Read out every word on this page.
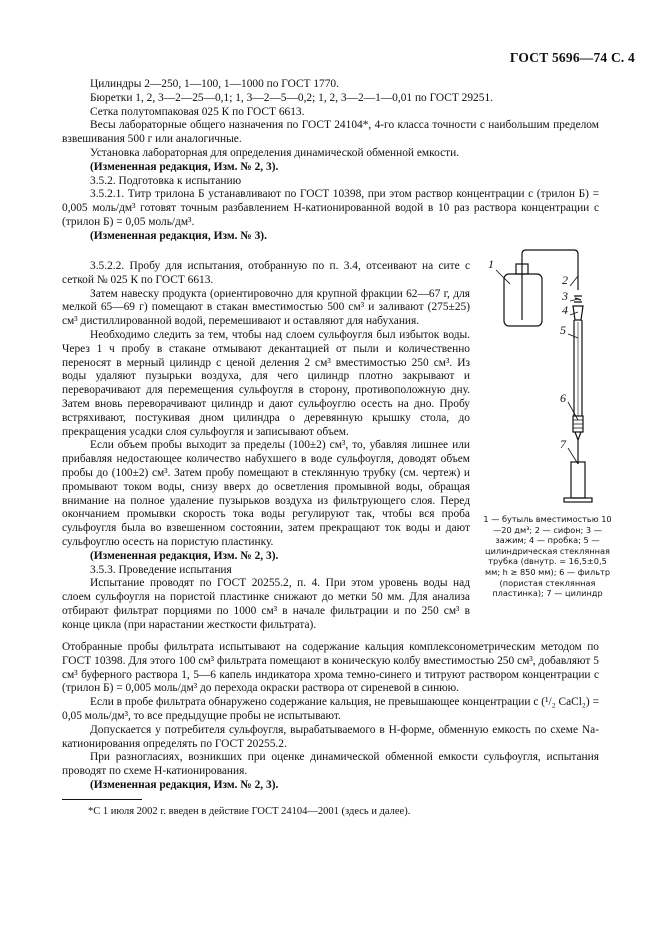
ГОСТ 5696—74 С. 4

Цилиндры 2—250, 1—100, 1—1000 по ГОСТ 1770.

Бюретки 1, 2, 3—2—25—0,1; 1, 3—2—5—0,2; 1, 2, 3—2—1—0,01 по ГОСТ 29251.

Сетка полутомпаковая 025 К по ГОСТ 6613.

Весы лабораторные общего назначения по ГОСТ 24104*, 4-го класса точности с наибольшим пределом взвешивания 500 г или аналогичные.

Установка лабораторная для определения динамической обменной емкости.

(Измененная редакция, Изм. № 2, 3).

3.5.2. Подготовка к испытанию

3.5.2.1. Титр трилона Б устанавливают по ГОСТ 10398, при этом раствор концентрации с (трилон Б) = 0,005 моль/дм³ готовят точным разбавлением Н-катионированной водой в 10 раз раствора концентрации с (трилон Б) = 0,05 моль/дм³.

(Измененная редакция, Изм. № 3).

3.5.2.2. Пробу для испытания, отобранную по п. 3.4, отсеивают на сите с сеткой № 025 К по ГОСТ 6613.

Затем навеску продукта (ориентировочно для крупной фракции 62—67 г, для мелкой 65—69 г) помещают в стакан вместимостью 500 см³ и заливают (275±25) см³ дистиллированной водой, перемешивают и оставляют для набухания.

Необходимо следить за тем, чтобы над слоем сульфоугля был избыток воды. Через 1 ч пробу в стакане отмывают декантацией от пыли и количественно переносят в мерный цилиндр с ценой деления 2 см³ вместимостью 250 см³. Из воды удаляют пузырьки воздуха, для чего цилиндр плотно закрывают и переворачивают для перемещения сульфоугля в сторону, противоположную дну. Затем вновь переворачивают цилиндр и дают сульфоуглю осесть на дно. Пробу встряхивают, постукивая дном цилиндра о деревянную крышку стола, до прекращения усадки слоя сульфоугля и записывают объем.

Если объем пробы выходит за пределы (100±2) см³, то, убавляя лишнее или прибавляя недостающее количество набухшего в воде сульфоугля, доводят объем пробы до (100±2) см³. Затем пробу помещают в стеклянную трубку (см. чертеж) и промывают током воды, снизу вверх до осветления промывной воды, обращая внимание на полное удаление пузырьков воздуха из фильтрующего слоя. Перед окончанием промывки скорость тока воды регулируют так, чтобы вся проба сульфоугля была во взвешенном состоянии, затем прекращают ток воды и дают сульфоуглю осесть на пористую пластинку.

(Измененная редакция, Изм. № 2, 3).

3.5.3. Проведение испытания

Испытание проводят по ГОСТ 20255.2, п. 4. При этом уровень воды над слоем сульфоугля на пористой пластинке снижают до метки 50 мм. Для анализа отбирают фильтрат порциями по 1000 см³ в начале фильтрации и по 250 см³ в конце цикла (при нарастании жесткости фильтрата).

Отобранные пробы фильтрата испытывают на содержание кальция комплексонометрическим методом по ГОСТ 10398. Для этого 100 см³ фильтрата помещают в коническую колбу вместимостью 250 см³, добавляют 5 см³ буферного раствора 1, 5—6 капель индикатора хрома темно-синего и титруют раствором концентрации с (трилон Б) = 0,005 моль/дм³ до перехода окраски раствора от сиреневой в синюю.

Если в пробе фильтрата обнаружено содержание кальция, не превышающее концентрации с (¹/₂ CaCl₂) = 0,05 моль/дм³, то все предыдущие пробы не испытывают.

Допускается у потребителя сульфоугля, вырабатываемого в Н-форме, обменную емкость по схеме Na-катионирования определять по ГОСТ 20255.2.

При разногласиях, возникших при оценке динамической обменной емкости сульфоугля, испытания проводят по схеме Н-катионирования.

(Измененная редакция, Изм. № 2, 3).

1
2
3
4
5
6
7
1 — бутыль вместимостью 10—20 дм³; 2 — сифон; 3 — зажим; 4 — пробка; 5 — цилиндрическая стеклянная трубка (dвнутр. = 16,5±0,5 мм; h ≥ 850 мм); 6 — фильтр (пористая стеклянная пластинка); 7 — цилиндр
*С 1 июля 2002 г. введен в действие ГОСТ 24104—2001 (здесь и далее).
